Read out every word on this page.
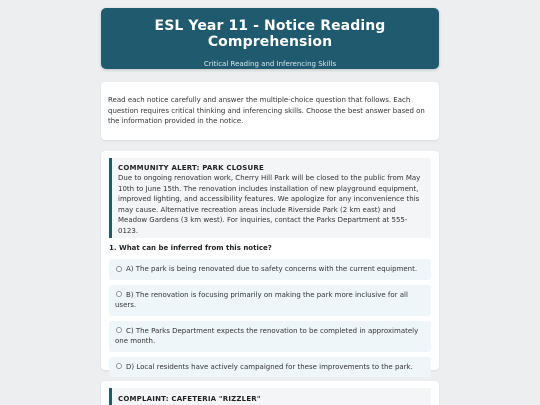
ESL Year 11 - Notice Reading Comprehension
Critical Reading and Inferencing Skills

Read each notice carefully and answer the multiple-choice question that follows. Each question requires critical thinking and inferencing skills. Choose the best answer based on the information provided in the notice.

COMMUNITY ALERT: PARK CLOSURE
Due to ongoing renovation work, Cherry Hill Park will be closed to the public from May 10th to June 15th. The renovation includes installation of new playground equipment, improved lighting, and accessibility features. We apologize for any inconvenience this may cause. Alternative recreation areas include Riverside Park (2 km east) and Meadow Gardens (3 km west). For inquiries, contact the Parks Department at 555-0123.
1. What can be inferred from this notice?
A) The park is being renovated due to safety concerns with the current equipment.
B) The renovation is focusing primarily on making the park more inclusive for all users.
C) The Parks Department expects the renovation to be completed in approximately one month.
D) Local residents have actively campaigned for these improvements to the park.
COMPLAINT: CAFETERIA "RIZZLER"
